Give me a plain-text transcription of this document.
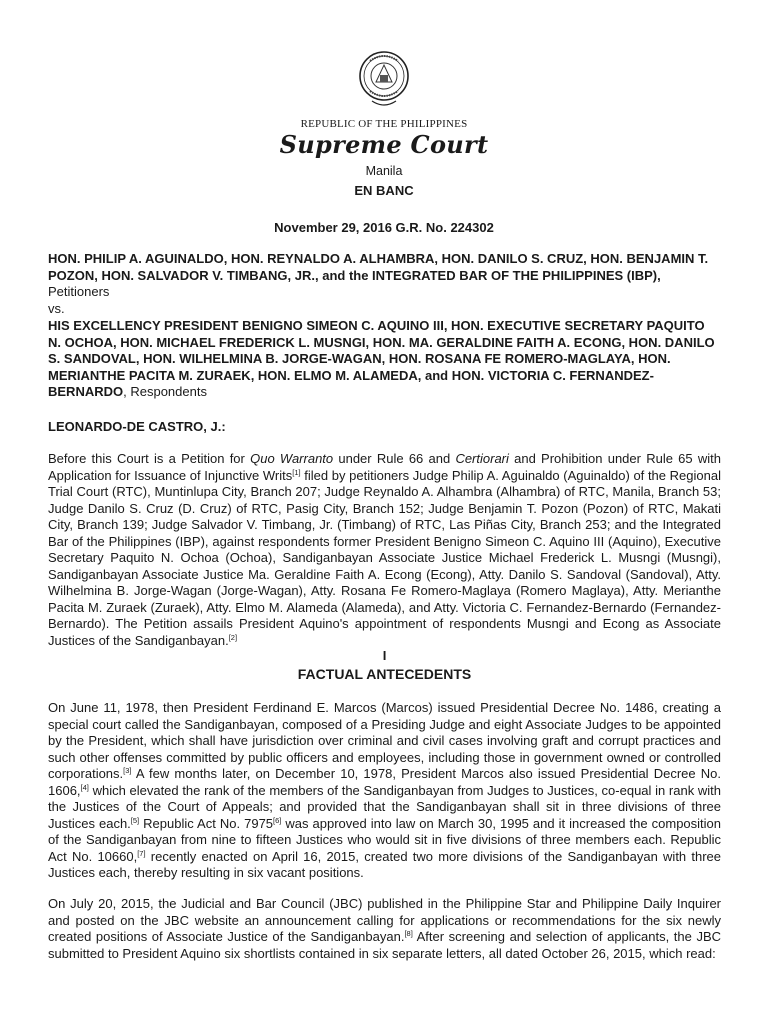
REPUBLIC OF THE PHILIPPINES
Supreme Court
Manila
EN BANC
November 29, 2016 G.R. No. 224302
HON. PHILIP A. AGUINALDO, HON. REYNALDO A. ALHAMBRA, HON. DANILO S. CRUZ, HON. BENJAMIN T. POZON, HON. SALVADOR V. TIMBANG, JR., and the INTEGRATED BAR OF THE PHILIPPINES (IBP), Petitioners
vs.
HIS EXCELLENCY PRESIDENT BENIGNO SIMEON C. AQUINO III, HON. EXECUTIVE SECRETARY PAQUITO N. OCHOA, HON. MICHAEL FREDERICK L. MUSNGI, HON. MA. GERALDINE FAITH A. ECONG, HON. DANILO S. SANDOVAL, HON. WILHELMINA B. JORGE-WAGAN, HON. ROSANA FE ROMERO-MAGLAYA, HON. MERIANTHE PACITA M. ZURAEK, HON. ELMO M. ALAMEDA, and HON. VICTORIA C. FERNANDEZ-BERNARDO, Respondents
LEONARDO-DE CASTRO, J.:
Before this Court is a Petition for Quo Warranto under Rule 66 and Certiorari and Prohibition under Rule 65 with Application for Issuance of Injunctive Writs[1] filed by petitioners Judge Philip A. Aguinaldo (Aguinaldo) of the Regional Trial Court (RTC), Muntinlupa City, Branch 207; Judge Reynaldo A. Alhambra (Alhambra) of RTC, Manila, Branch 53; Judge Danilo S. Cruz (D. Cruz) of RTC, Pasig City, Branch 152; Judge Benjamin T. Pozon (Pozon) of RTC, Makati City, Branch 139; Judge Salvador V. Timbang, Jr. (Timbang) of RTC, Las Piñas City, Branch 253; and the Integrated Bar of the Philippines (IBP), against respondents former President Benigno Simeon C. Aquino III (Aquino), Executive Secretary Paquito N. Ochoa (Ochoa), Sandiganbayan Associate Justice Michael Frederick L. Musngi (Musngi), Sandiganbayan Associate Justice Ma. Geraldine Faith A. Econg (Econg), Atty. Danilo S. Sandoval (Sandoval), Atty. Wilhelmina B. Jorge-Wagan (Jorge-Wagan), Atty. Rosana Fe Romero-Maglaya (Romero Maglaya), Atty. Merianthe Pacita M. Zuraek (Zuraek), Atty. Elmo M. Alameda (Alameda), and Atty. Victoria C. Fernandez-Bernardo (Fernandez-Bernardo). The Petition assails President Aquino's appointment of respondents Musngi and Econg as Associate Justices of the Sandiganbayan.[2]
I
FACTUAL ANTECEDENTS
On June 11, 1978, then President Ferdinand E. Marcos (Marcos) issued Presidential Decree No. 1486, creating a special court called the Sandiganbayan, composed of a Presiding Judge and eight Associate Judges to be appointed by the President, which shall have jurisdiction over criminal and civil cases involving graft and corrupt practices and such other offenses committed by public officers and employees, including those in government owned or controlled corporations.[3] A few months later, on December 10, 1978, President Marcos also issued Presidential Decree No. 1606,[4] which elevated the rank of the members of the Sandiganbayan from Judges to Justices, co-equal in rank with the Justices of the Court of Appeals; and provided that the Sandiganbayan shall sit in three divisions of three Justices each.[5] Republic Act No. 7975[6] was approved into law on March 30, 1995 and it increased the composition of the Sandiganbayan from nine to fifteen Justices who would sit in five divisions of three members each. Republic Act No. 10660,[7] recently enacted on April 16, 2015, created two more divisions of the Sandiganbayan with three Justices each, thereby resulting in six vacant positions.
On July 20, 2015, the Judicial and Bar Council (JBC) published in the Philippine Star and Philippine Daily Inquirer and posted on the JBC website an announcement calling for applications or recommendations for the six newly created positions of Associate Justice of the Sandiganbayan.[8] After screening and selection of applicants, the JBC submitted to President Aquino six shortlists contained in six separate letters, all dated October 26, 2015, which read:
